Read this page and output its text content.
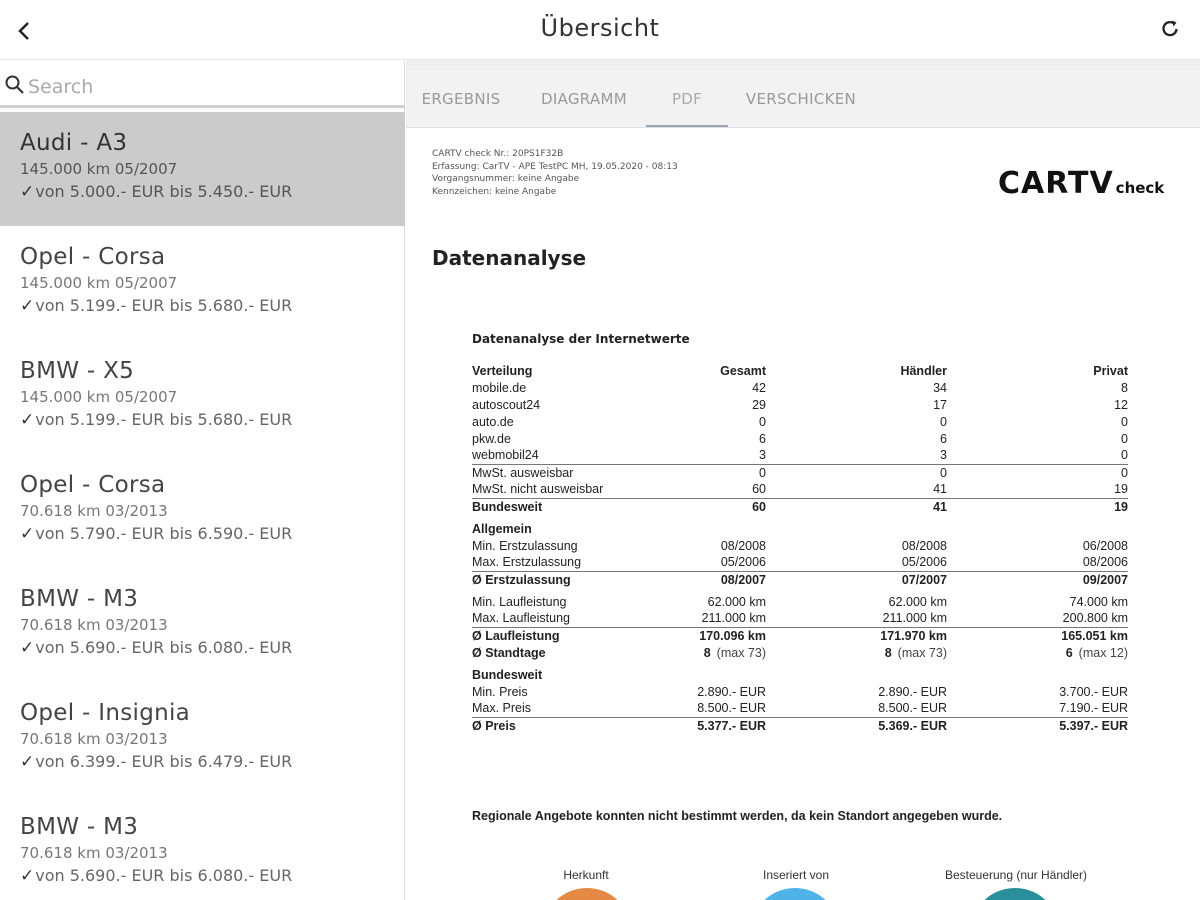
Übersicht
Search
Audi - A3
145.000 km 05/2007
✓von 5.000.- EUR bis 5.450.- EUR
Opel - Corsa
145.000 km 05/2007
✓von 5.199.- EUR bis 5.680.- EUR
BMW - X5
145.000 km 05/2007
✓von 5.199.- EUR bis 5.680.- EUR
Opel - Corsa
70.618 km 03/2013
✓von 5.790.- EUR bis 6.590.- EUR
BMW - M3
70.618 km 03/2013
✓von 5.690.- EUR bis 6.080.- EUR
Opel - Insignia
70.618 km 03/2013
✓von 6.399.- EUR bis 6.479.- EUR
BMW - M3
70.618 km 03/2013
✓von 5.690.- EUR bis 6.080.- EUR
ERGEBNIS	DIAGRAMM	PDF	VERSCHICKEN
CARTV check Nr.: 20PS1F32B
Erfassung: CarTV - APE TestPC MH, 19.05.2020 - 08:13
Vorgangsnummer: keine Angabe
Kennzeichen: keine Angabe	CARTV check
Datenanalyse
Datenanalyse der Internetwerte
Verteilung	Gesamt	Händler	Privat
mobile.de	42	34	8
autoscout24	29	17	12
auto.de	0	0	0
pkw.de	6	6	0
webmobil24	3	3	0
MwSt. ausweisbar	0	0	0
MwSt. nicht ausweisbar	60	41	19
Bundesweit	60	41	19
Allgemein			
Min. Erstzulassung	08/2008	08/2008	06/2008
Max. Erstzulassung	05/2006	05/2006	08/2006
Ø Erstzulassung	08/2007	07/2007	09/2007
Min. Laufleistung	62.000 km	62.000 km	74.000 km
Max. Laufleistung	211.000 km	211.000 km	200.800 km
Ø Laufleistung	170.096 km	171.970 km	165.051 km
Ø Standtage	8 (max 73)	8 (max 73)	6 (max 12)
Bundesweit			
Min. Preis	2.890.- EUR	2.890.- EUR	3.700.- EUR
Max. Preis	8.500.- EUR	8.500.- EUR	7.190.- EUR
Ø Preis	5.377.- EUR	5.369.- EUR	5.397.- EUR
Regionale Angebote konnten nicht bestimmt werden, da kein Standort angegeben wurde.
Herkunft	Inseriert von	Besteuerung (nur Händler)
